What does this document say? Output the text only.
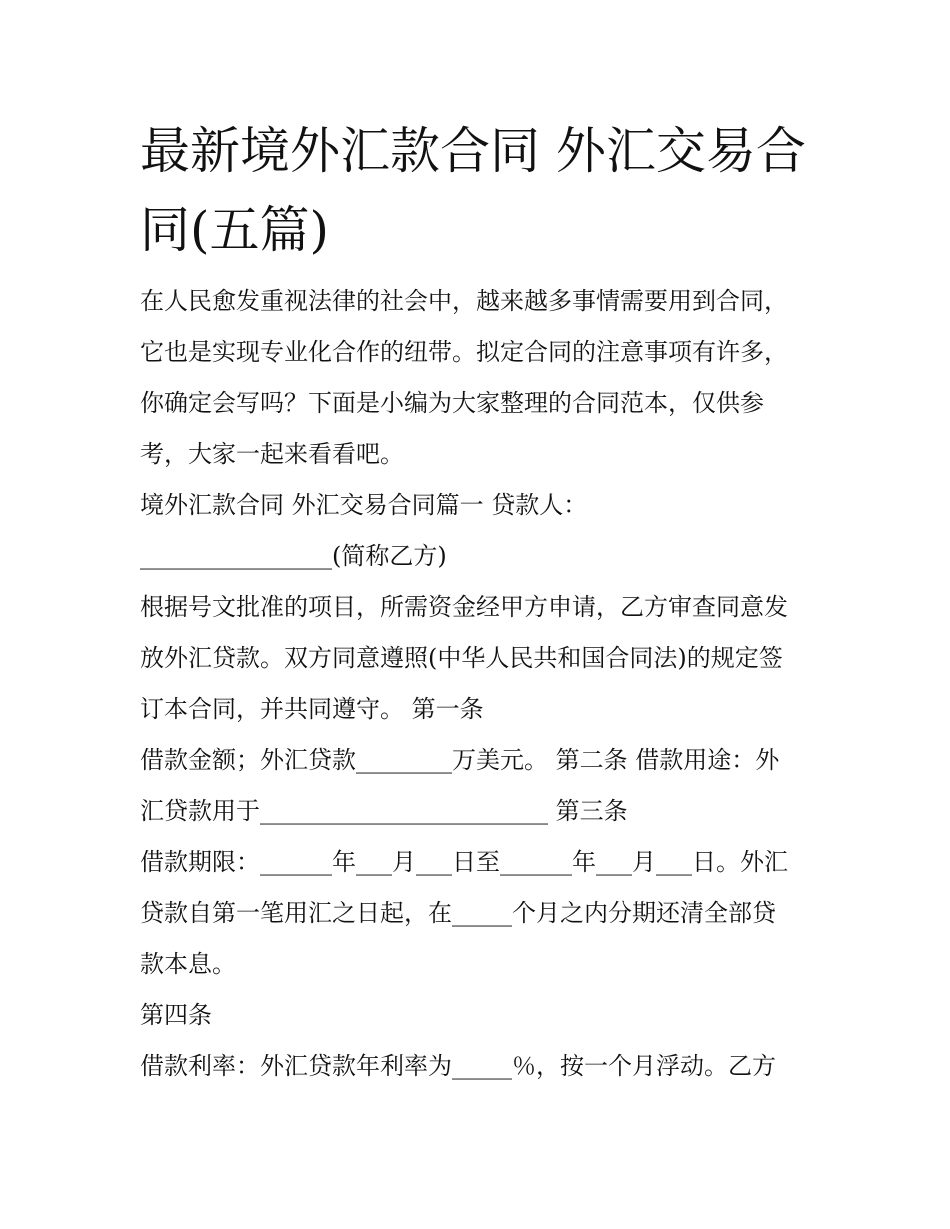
最新境外汇款合同 外汇交易合
同(五篇)

在人民愈发重视法律的社会中，越来越多事情需要用到合同，

它也是实现专业化合作的纽带。拟定合同的注意事项有许多，

你确定会写吗？下面是小编为大家整理的合同范本，仅供参

考，大家一起来看看吧。

境外汇款合同 外汇交易合同篇一 贷款人：

________________(简称乙方)

根据号文批准的项目，所需资金经甲方申请，乙方审查同意发

放外汇贷款。双方同意遵照(中华人民共和国合同法)的规定签

订本合同，并共同遵守。 第一条

借款金额；外汇贷款________万美元。 第二条 借款用途：外

汇贷款用于________________________ 第三条

借款期限：______年___月___日至______年___月___日。外汇

贷款自第一笔用汇之日起，在_____个月之内分期还清全部贷

款本息。

第四条

借款利率：外汇贷款年利率为_____％，按一个月浮动。乙方
